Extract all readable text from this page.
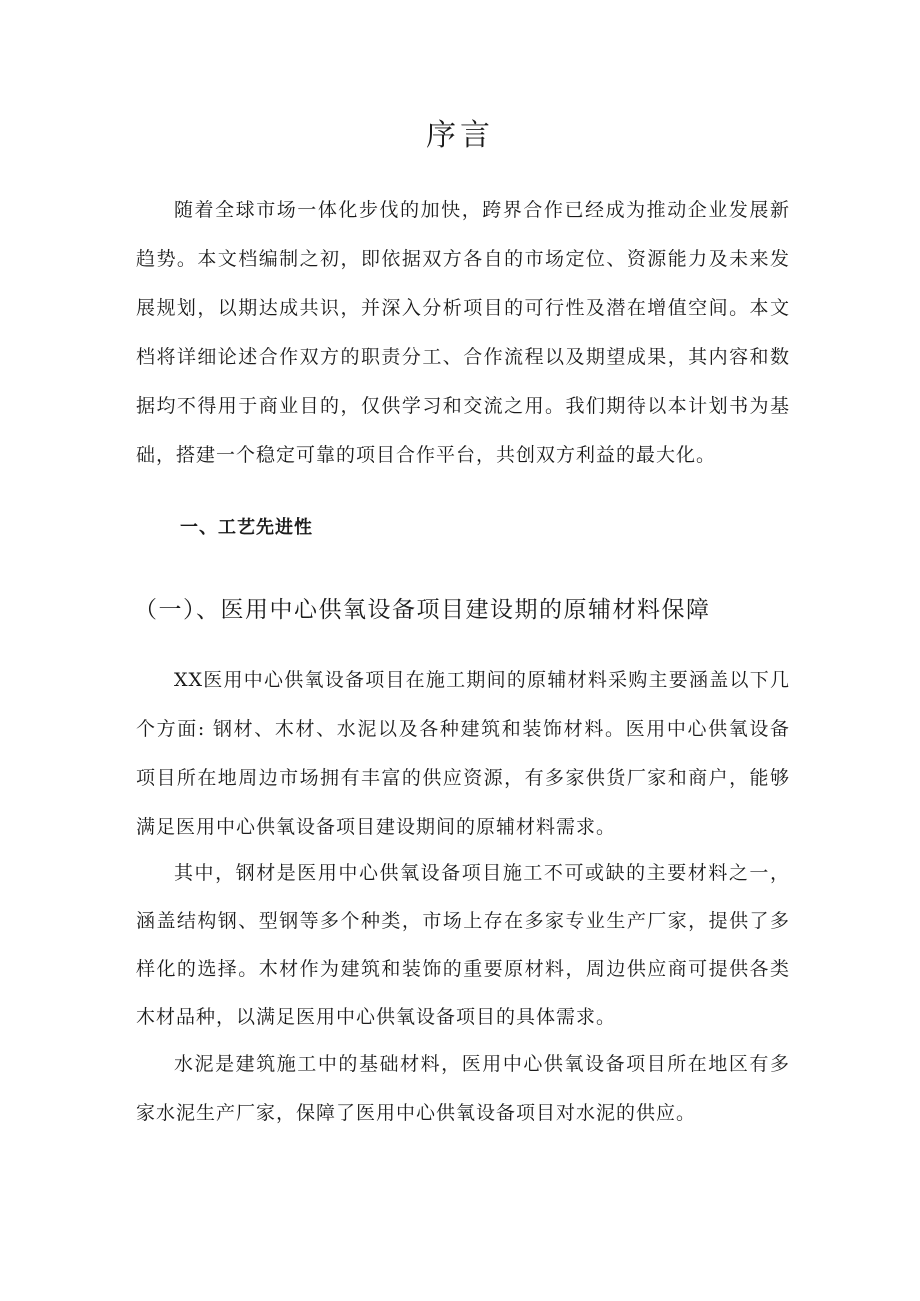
序言

随着全球市场一体化步伐的加快，跨界合作已经成为推动企业发展新趋势。本文档编制之初，即依据双方各自的市场定位、资源能力及未来发展规划，以期达成共识，并深入分析项目的可行性及潜在增值空间。本文档将详细论述合作双方的职责分工、合作流程以及期望成果，其内容和数据均不得用于商业目的，仅供学习和交流之用。我们期待以本计划书为基础，搭建一个稳定可靠的项目合作平台，共创双方利益的最大化。

一、工艺先进性
（一）、医用中心供氧设备项目建设期的原辅材料保障

XX医用中心供氧设备项目在施工期间的原辅材料采购主要涵盖以下几个方面: 钢材、木材、水泥以及各种建筑和装饰材料。医用中心供氧设备项目所在地周边市场拥有丰富的供应资源，有多家供货厂家和商户，能够满足医用中心供氧设备项目建设期间的原辅材料需求。

其中，钢材是医用中心供氧设备项目施工不可或缺的主要材料之一，涵盖结构钢、型钢等多个种类，市场上存在多家专业生产厂家，提供了多样化的选择。木材作为建筑和装饰的重要原材料，周边供应商可提供各类木材品种，以满足医用中心供氧设备项目的具体需求。

水泥是建筑施工中的基础材料，医用中心供氧设备项目所在地区有多家水泥生产厂家，保障了医用中心供氧设备项目对水泥的供应。
